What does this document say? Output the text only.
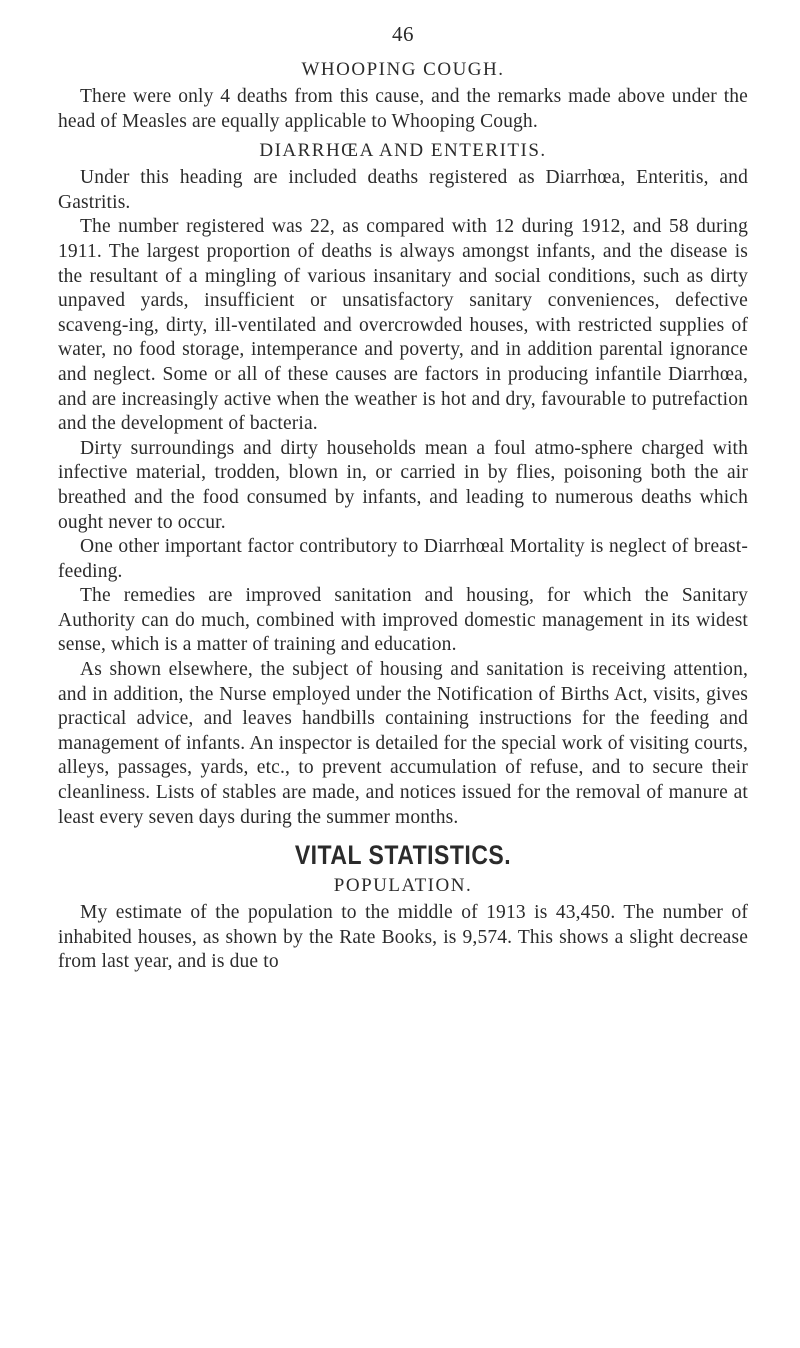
46
WHOOPING COUGH.

There were only 4 deaths from this cause, and the remarks made above under the head of Measles are equally applicable to Whooping Cough.

DIARRHŒA AND ENTERITIS.

Under this heading are included deaths registered as Diarrhœa, Enteritis, and Gastritis.

The number registered was 22, as compared with 12 during 1912, and 58 during 1911. The largest proportion of deaths is always amongst infants, and the disease is the resultant of a mingling of various insanitary and social conditions, such as dirty unpaved yards, insufficient or unsatisfactory sanitary conveniences, defective scaveng-ing, dirty, ill-ventilated and overcrowded houses, with restricted supplies of water, no food storage, intemperance and poverty, and in addition parental ignorance and neglect. Some or all of these causes are factors in producing infantile Diarrhœa, and are increasingly active when the weather is hot and dry, favourable to putrefaction and the development of bacteria.

Dirty surroundings and dirty households mean a foul atmo-sphere charged with infective material, trodden, blown in, or carried in by flies, poisoning both the air breathed and the food consumed by infants, and leading to numerous deaths which ought never to occur.

One other important factor contributory to Diarrhœal Mortality is neglect of breast-feeding.

The remedies are improved sanitation and housing, for which the Sanitary Authority can do much, combined with improved domestic management in its widest sense, which is a matter of training and education.

As shown elsewhere, the subject of housing and sanitation is receiving attention, and in addition, the Nurse employed under the Notification of Births Act, visits, gives practical advice, and leaves handbills containing instructions for the feeding and management of infants. An inspector is detailed for the special work of visiting courts, alleys, passages, yards, etc., to prevent accumulation of refuse, and to secure their cleanliness. Lists of stables are made, and notices issued for the removal of manure at least every seven days during the summer months.

VITAL STATISTICS.
POPULATION.

My estimate of the population to the middle of 1913 is 43,450. The number of inhabited houses, as shown by the Rate Books, is 9,574. This shows a slight decrease from last year, and is due to
